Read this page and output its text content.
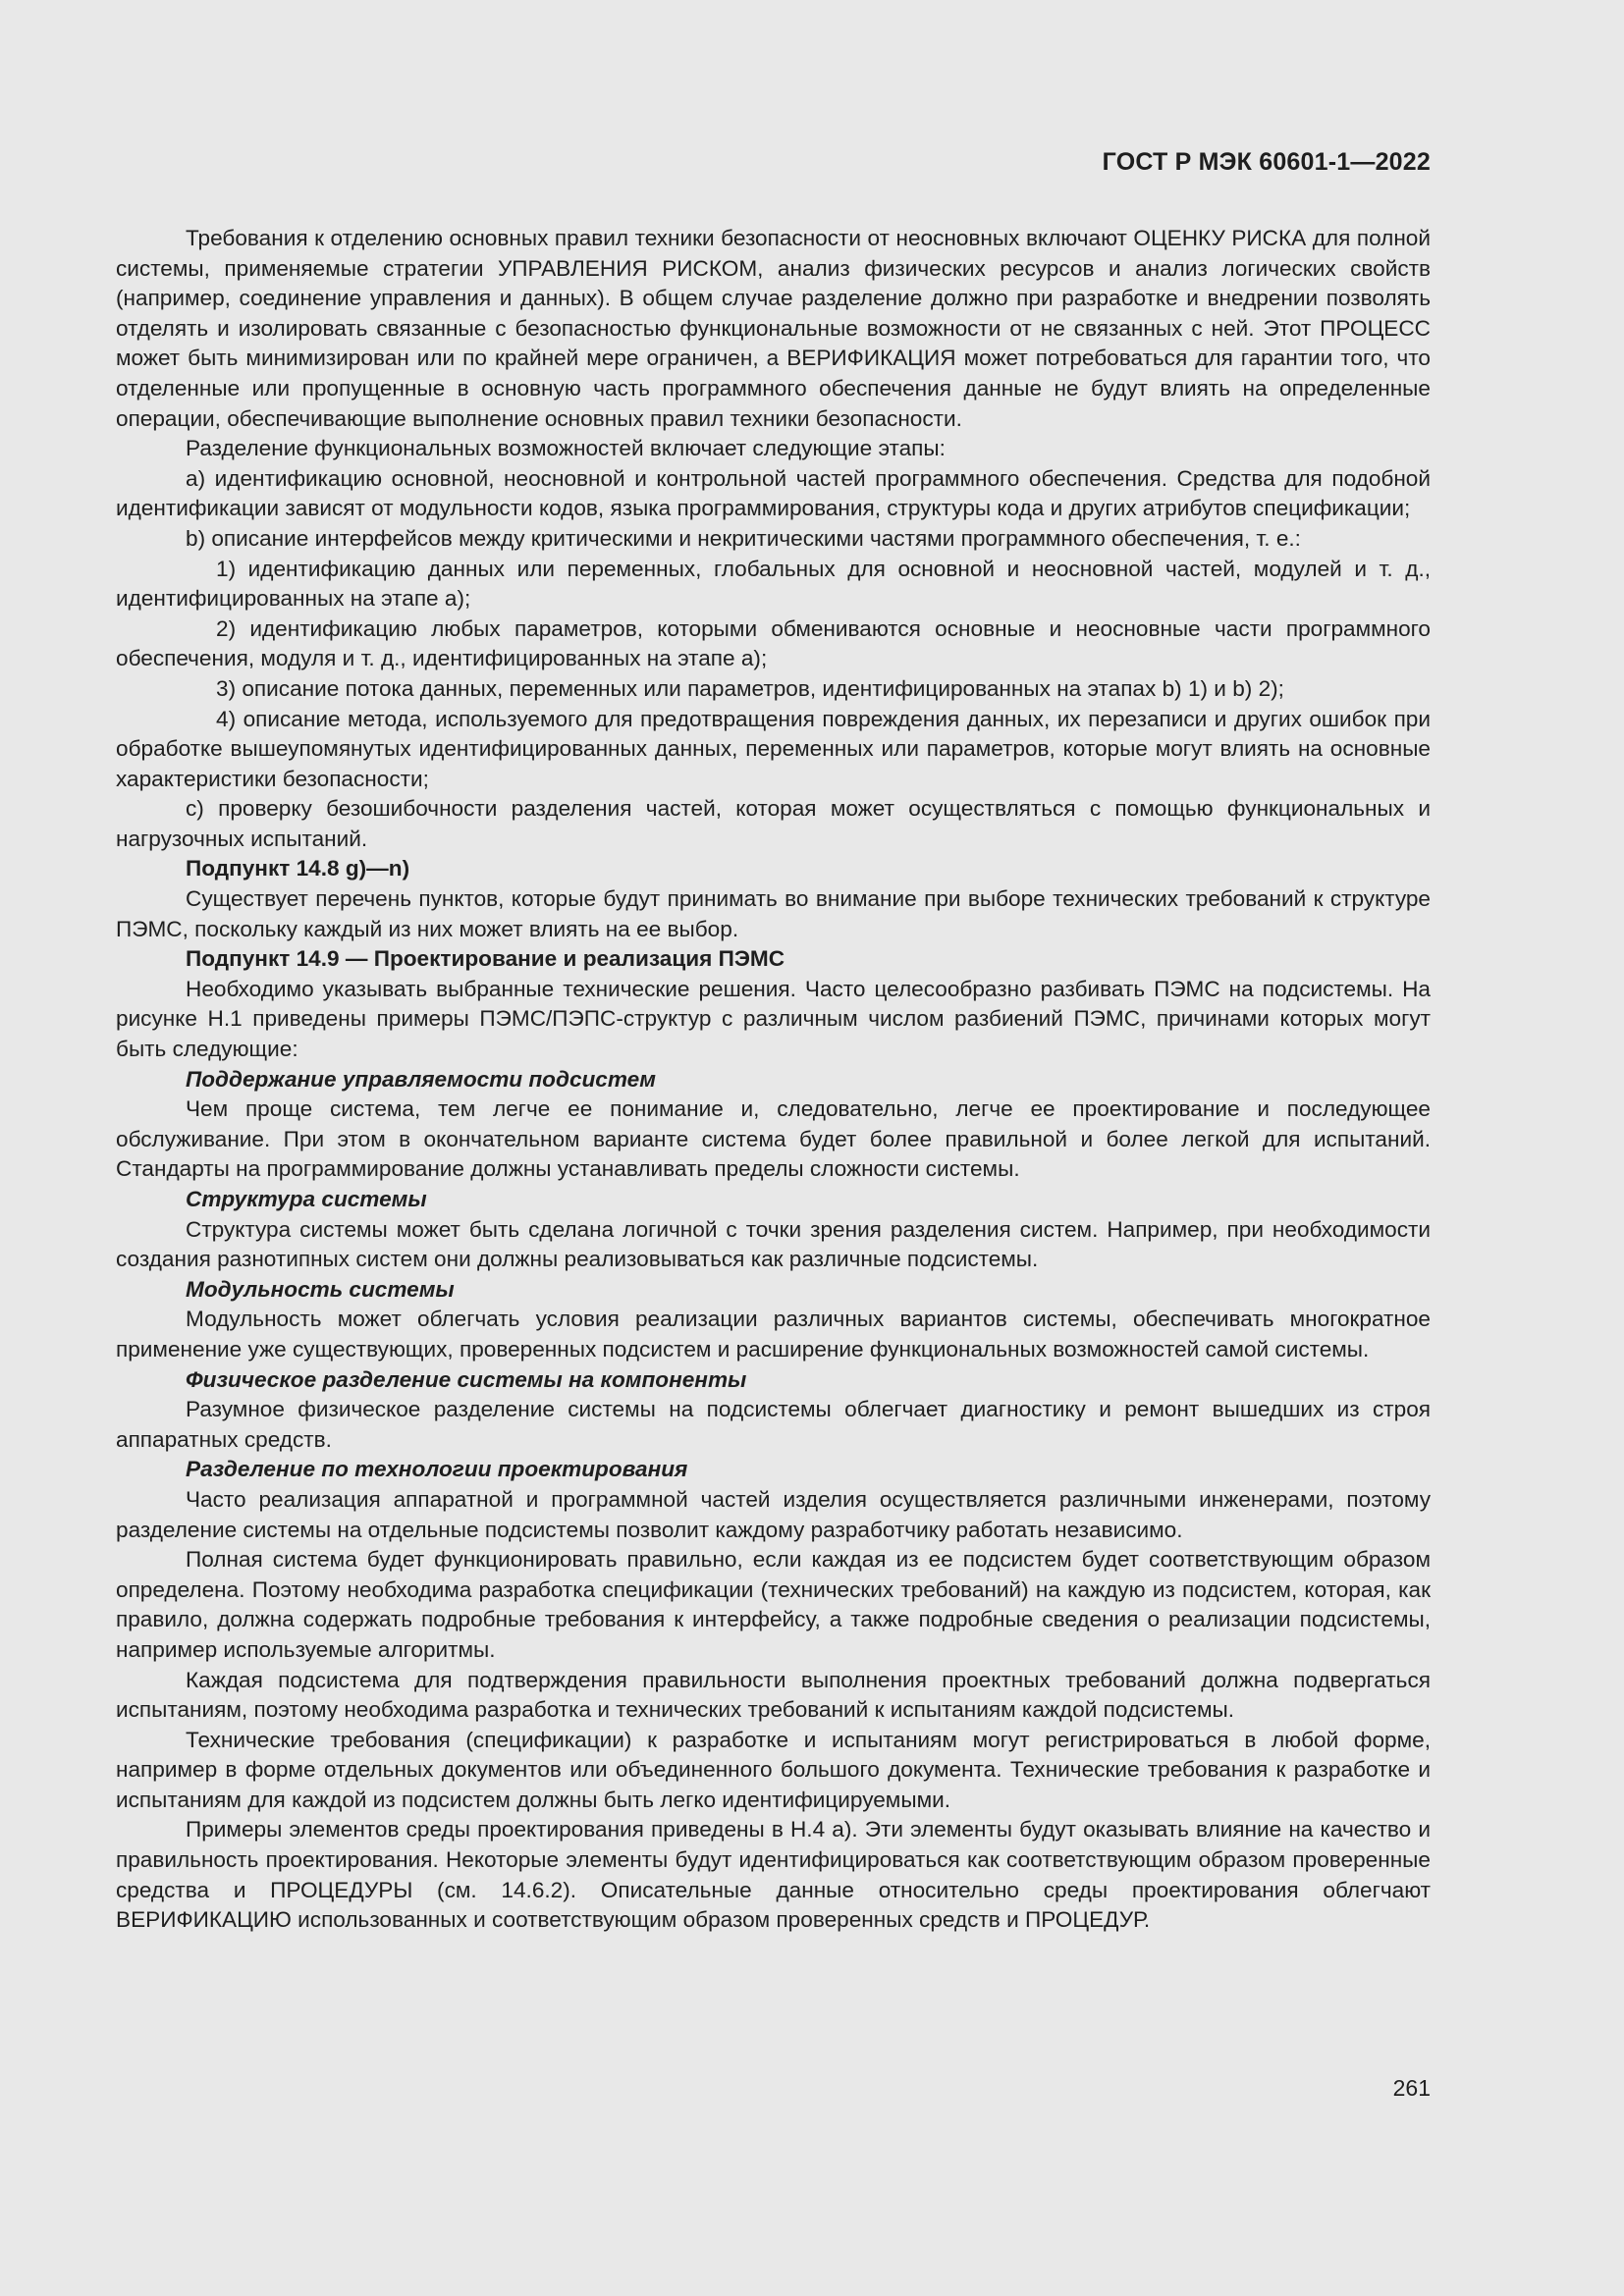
ГОСТ Р МЭК 60601-1—2022

Требования к отделению основных правил техники безопасности от неосновных включают ОЦЕНКУ РИСКА для полной системы, применяемые стратегии УПРАВЛЕНИЯ РИСКОМ, анализ физических ресурсов и анализ логических свойств (например, соединение управления и данных). В общем случае разделение должно при разработке и внедрении позволять отделять и изолировать связанные с безопасностью функциональные возможности от не связанных с ней. Этот ПРОЦЕСС может быть минимизирован или по крайней мере ограничен, а ВЕРИФИКАЦИЯ может потребоваться для гарантии того, что отделенные или пропущенные в основную часть программного обеспечения данные не будут влиять на определенные операции, обеспечивающие выполнение основных правил техники безопасности.

Разделение функциональных возможностей включает следующие этапы:

a) идентификацию основной, неосновной и контрольной частей программного обеспечения. Средства для подобной идентификации зависят от модульности кодов, языка программирования, структуры кода и других атрибутов спецификации;

b) описание интерфейсов между критическими и некритическими частями программного обеспечения, т. е.:

1) идентификацию данных или переменных, глобальных для основной и неосновной частей, модулей и т. д., идентифицированных на этапе a);

2) идентификацию любых параметров, которыми обмениваются основные и неосновные части программного обеспечения, модуля и т. д., идентифицированных на этапе a);

3) описание потока данных, переменных или параметров, идентифицированных на этапах b) 1) и b) 2);

4) описание метода, используемого для предотвращения повреждения данных, их перезаписи и других ошибок при обработке вышеупомянутых идентифицированных данных, переменных или параметров, которые могут влиять на основные характеристики безопасности;

c) проверку безошибочности разделения частей, которая может осуществляться с помощью функциональных и нагрузочных испытаний.

Подпункт 14.8 g)—n)

Существует перечень пунктов, которые будут принимать во внимание при выборе технических требований к структуре ПЭМС, поскольку каждый из них может влиять на ее выбор.

Подпункт 14.9 — Проектирование и реализация ПЭМС

Необходимо указывать выбранные технические решения. Часто целесообразно разбивать ПЭМС на подсистемы. На рисунке H.1 приведены примеры ПЭМС/ПЭПС-структур с различным числом разбиений ПЭМС, причинами которых могут быть следующие:

Поддержание управляемости подсистем

Чем проще система, тем легче ее понимание и, следовательно, легче ее проектирование и последующее обслуживание. При этом в окончательном варианте система будет более правильной и более легкой для испытаний. Стандарты на программирование должны устанавливать пределы сложности системы.

Структура системы

Структура системы может быть сделана логичной с точки зрения разделения систем. Например, при необходимости создания разнотипных систем они должны реализовываться как различные подсистемы.

Модульность системы

Модульность может облегчать условия реализации различных вариантов системы, обеспечивать многократное применение уже существующих, проверенных подсистем и расширение функциональных возможностей самой системы.

Физическое разделение системы на компоненты

Разумное физическое разделение системы на подсистемы облегчает диагностику и ремонт вышедших из строя аппаратных средств.

Разделение по технологии проектирования

Часто реализация аппаратной и программной частей изделия осуществляется различными инженерами, поэтому разделение системы на отдельные подсистемы позволит каждому разработчику работать независимо.

Полная система будет функционировать правильно, если каждая из ее подсистем будет соответствующим образом определена. Поэтому необходима разработка спецификации (технических требований) на каждую из подсистем, которая, как правило, должна содержать подробные требования к интерфейсу, а также подробные сведения о реализации подсистемы, например используемые алгоритмы.

Каждая подсистема для подтверждения правильности выполнения проектных требований должна подвергаться испытаниям, поэтому необходима разработка и технических требований к испытаниям каждой подсистемы.

Технические требования (спецификации) к разработке и испытаниям могут регистрироваться в любой форме, например в форме отдельных документов или объединенного большого документа. Технические требования к разработке и испытаниям для каждой из подсистем должны быть легко идентифицируемыми.

Примеры элементов среды проектирования приведены в H.4 a). Эти элементы будут оказывать влияние на качество и правильность проектирования. Некоторые элементы будут идентифицироваться как соответствующим образом проверенные средства и ПРОЦЕДУРЫ (см. 14.6.2). Описательные данные относительно среды проектирования облегчают ВЕРИФИКАЦИЮ использованных и соответствующим образом проверенных средств и ПРОЦЕДУР.

261
